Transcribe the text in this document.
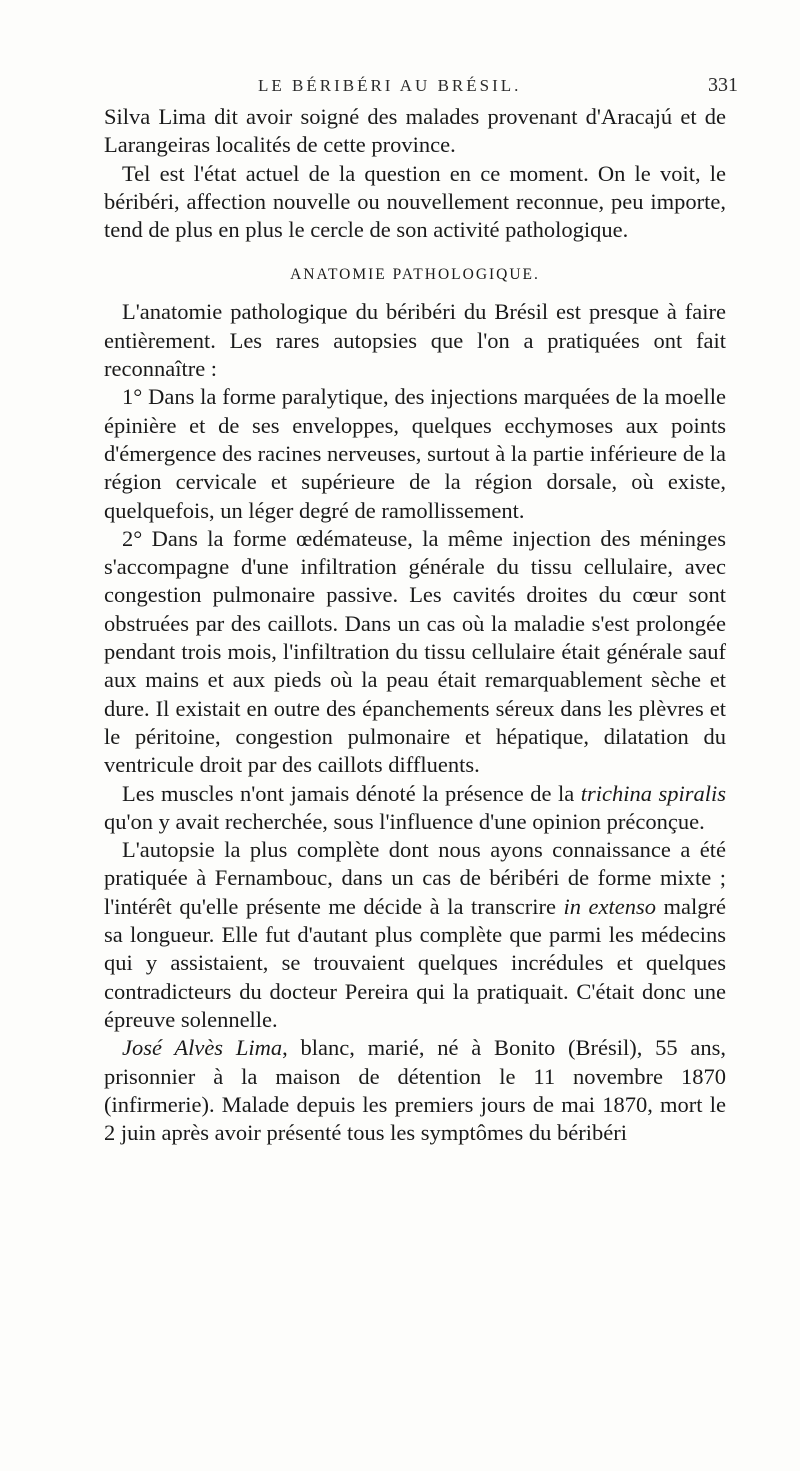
LE BÉRIBÉRI AU BRÉSIL.	331

Silva Lima dit avoir soigné des malades provenant d'Aracajú et de Larangeiras localités de cette province.

Tel est l'état actuel de la question en ce moment. On le voit, le béribéri, affection nouvelle ou nouvellement reconnue, peu importe, tend de plus en plus le cercle de son activité pathologique.

ANATOMIE PATHOLOGIQUE.

L'anatomie pathologique du béribéri du Brésil est presque à faire entièrement. Les rares autopsies que l'on a pratiquées ont fait reconnaître :

1° Dans la forme paralytique, des injections marquées de la moelle épinière et de ses enveloppes, quelques ecchymoses aux points d'émergence des racines nerveuses, surtout à la partie inférieure de la région cervicale et supérieure de la région dorsale, où existe, quelquefois, un léger degré de ramollissement.

2° Dans la forme œdémateuse, la même injection des méninges s'accompagne d'une infiltration générale du tissu cellulaire, avec congestion pulmonaire passive. Les cavités droites du cœur sont obstruées par des caillots. Dans un cas où la maladie s'est prolongée pendant trois mois, l'infiltration du tissu cellulaire était générale sauf aux mains et aux pieds où la peau était remarquablement sèche et dure. Il existait en outre des épanchements séreux dans les plèvres et le péritoine, congestion pulmonaire et hépatique, dilatation du ventricule droit par des caillots diffluents.

Les muscles n'ont jamais dénoté la présence de la trichina spiralis qu'on y avait recherchée, sous l'influence d'une opinion préconçue.

L'autopsie la plus complète dont nous ayons connaissance a été pratiquée à Fernambouc, dans un cas de béribéri de forme mixte ; l'intérêt qu'elle présente me décide à la transcrire in extenso malgré sa longueur. Elle fut d'autant plus complète que parmi les médecins qui y assistaient, se trouvaient quelques incrédules et quelques contradicteurs du docteur Pereira qui la pratiquait. C'était donc une épreuve solennelle.

José Alvès Lima, blanc, marié, né à Bonito (Brésil), 55 ans, prisonnier à la maison de détention le 11 novembre 1870 (infirmerie). Malade depuis les premiers jours de mai 1870, mort le 2 juin après avoir présenté tous les symptômes du béribéri
